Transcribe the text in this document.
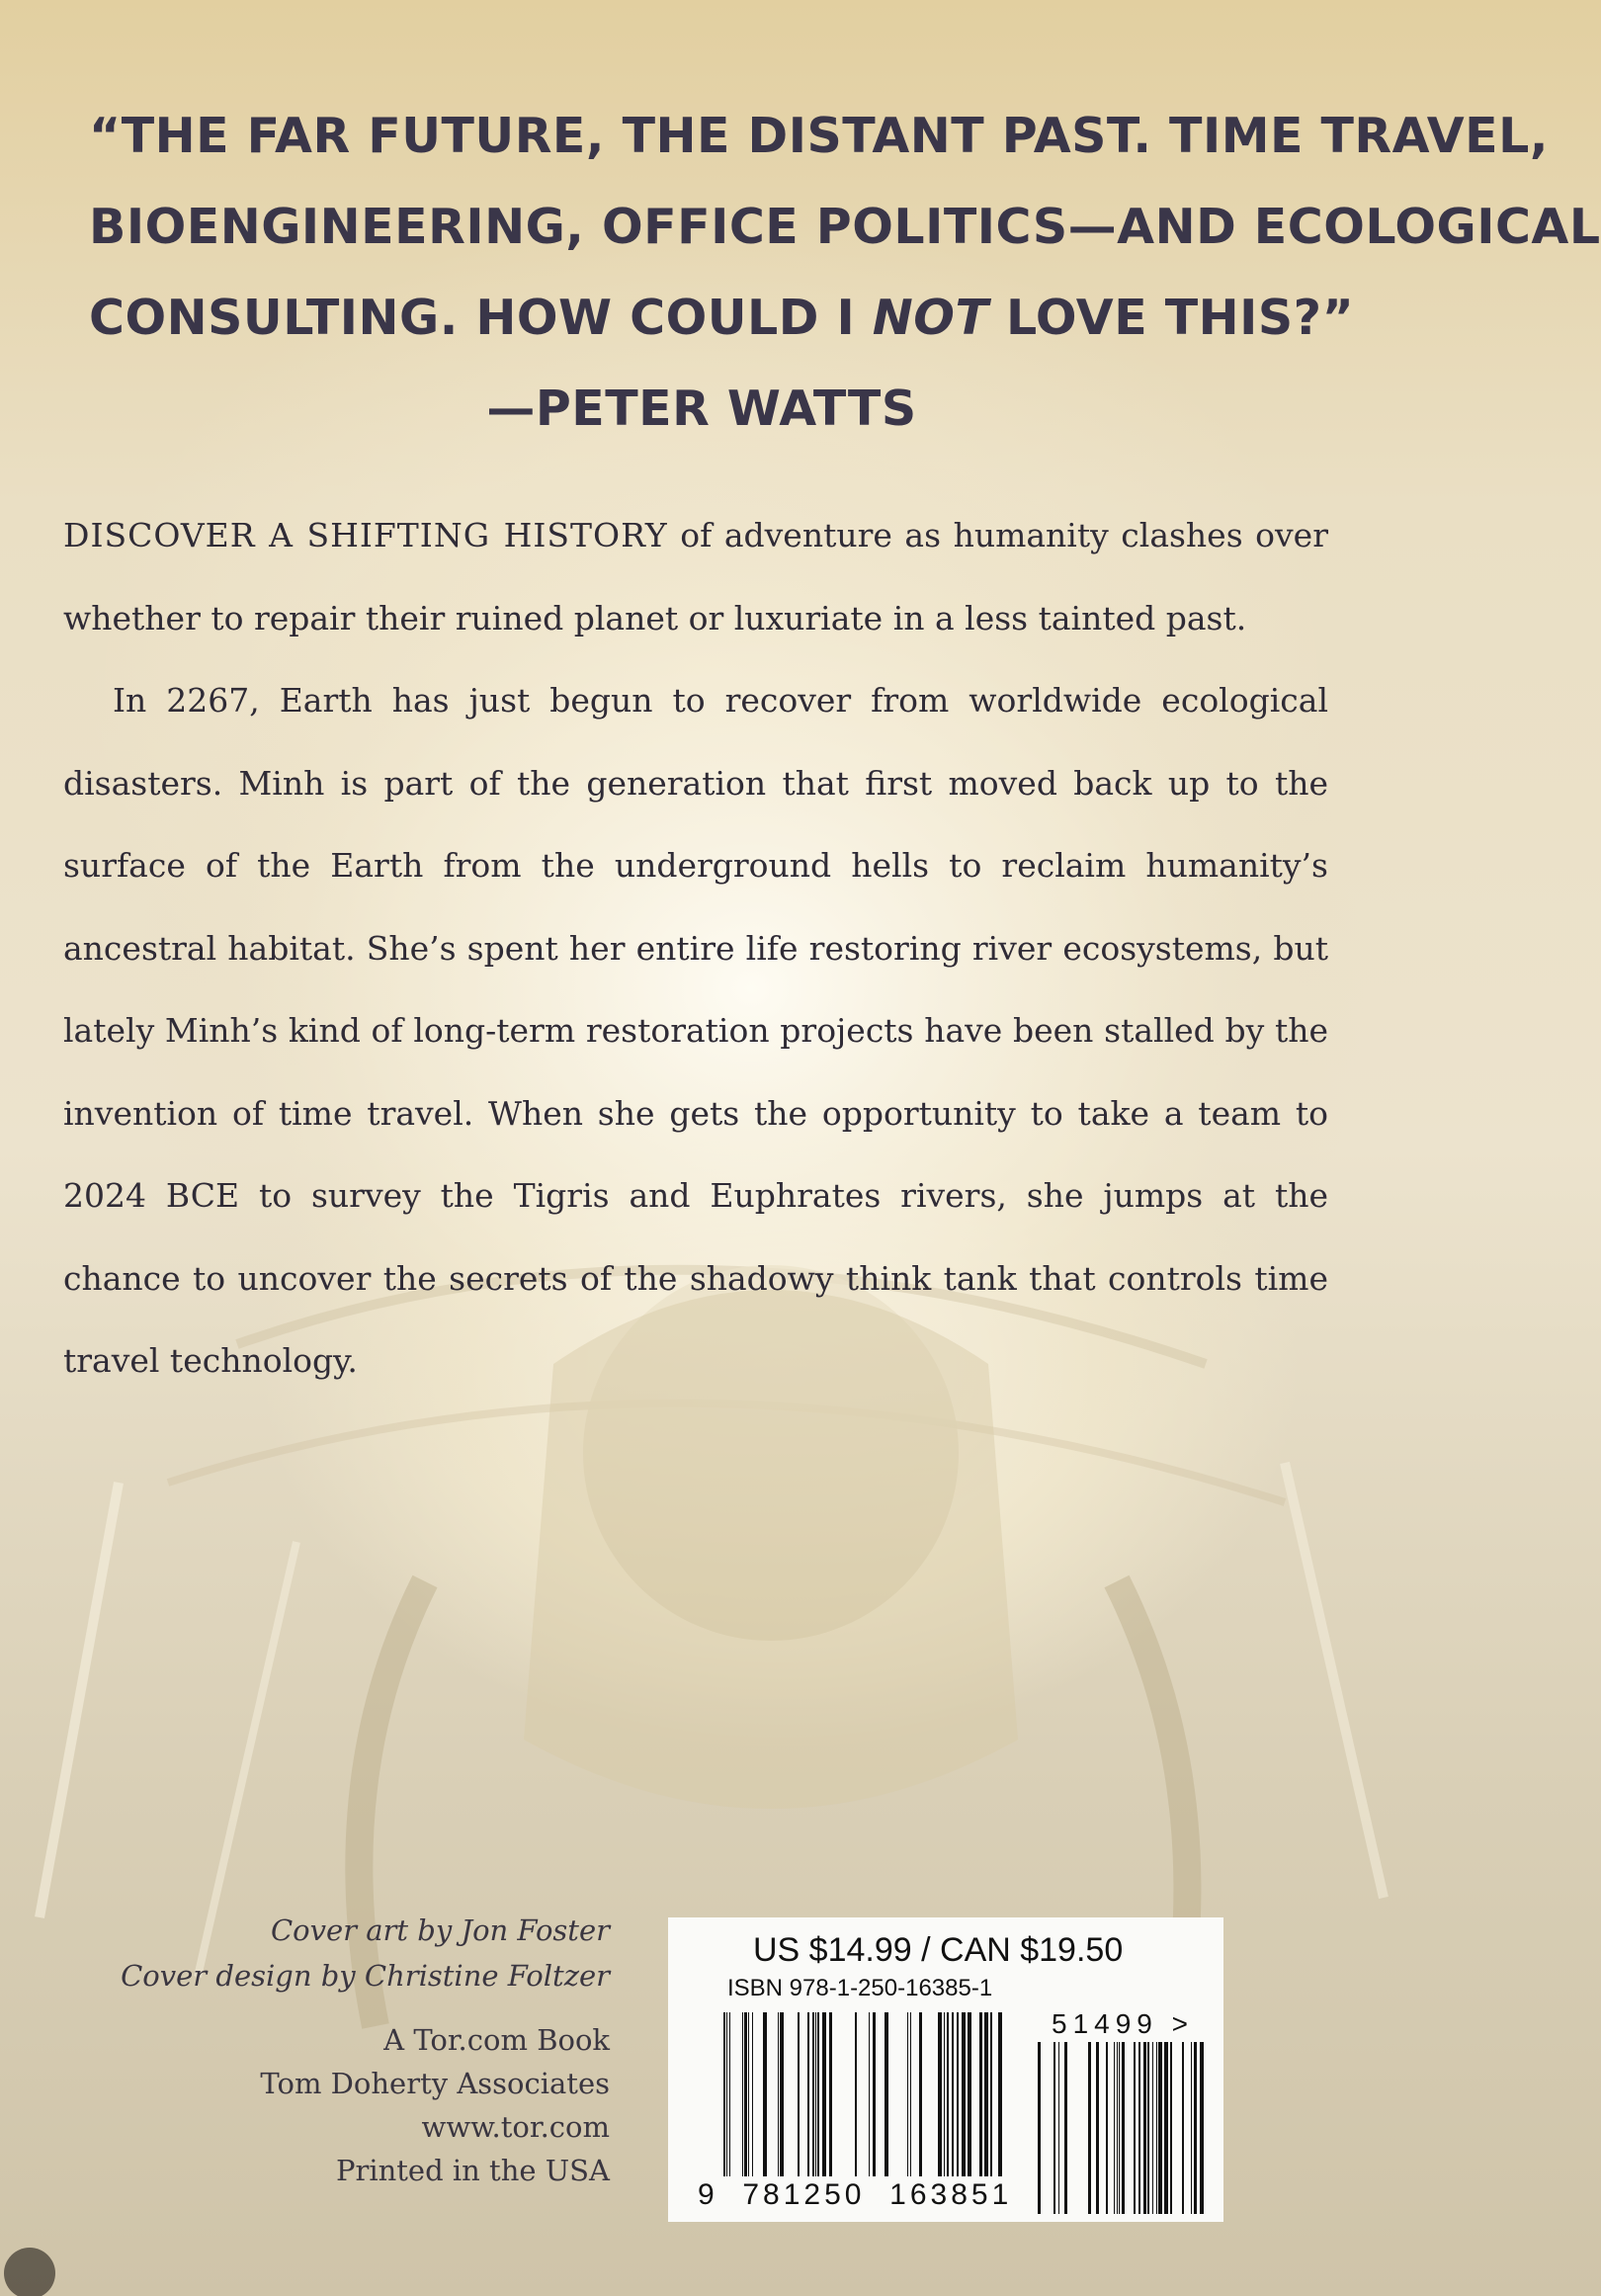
“THE FAR FUTURE, THE DISTANT PAST. TIME TRAVEL,
BIOENGINEERING, OFFICE POLITICS—AND ECOLOGICAL
CONSULTING. HOW COULD I NOT LOVE THIS?”
—PETER WATTS

DISCOVER A SHIFTING HISTORY of adventure as humanity clashes over whether to repair their ruined planet or luxuriate in a less tainted past.

In 2267, Earth has just begun to recover from worldwide ecological disasters. Minh is part of the generation that first moved back up to the surface of the Earth from the underground hells to reclaim humanity’s ancestral habitat. She’s spent her entire life restoring river ecosystems, but lately Minh’s kind of long-term restoration projects have been stalled by the invention of time travel. When she gets the opportunity to take a team to 2024 BCE to survey the Tigris and Euphrates rivers, she jumps at the chance to uncover the secrets of the shadowy think tank that controls time travel technology.

Cover art by Jon Foster
Cover design by Christine Foltzer
A Tor.com Book
Tom Doherty Associates
www.tor.com
Printed in the USA
US $14.99 / CAN $19.50
ISBN 978-1-250-16385-1
51499 >
9 781250 163851
